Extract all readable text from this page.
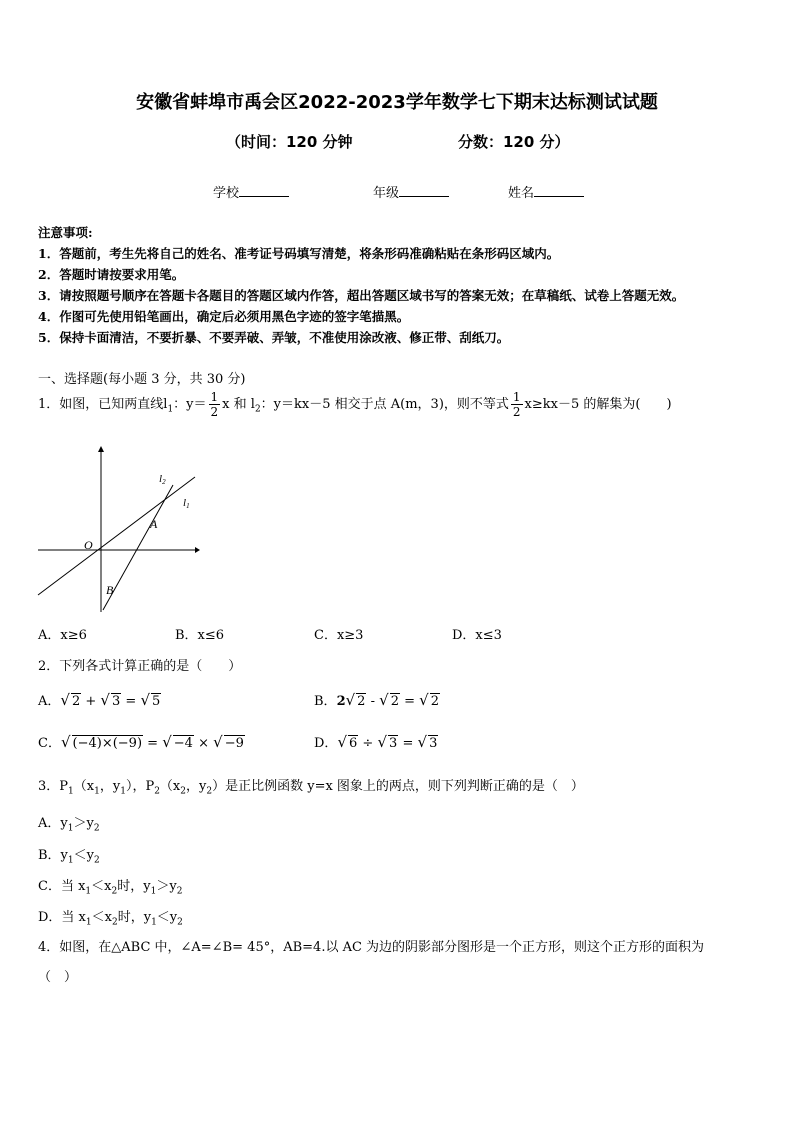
安徽省蚌埠市禹会区2022-2023学年数学七下期末达标测试试题
（时间：120 分钟	分数：120 分）
学校	年级	姓名
注意事项:
1．答题前，考生先将自己的姓名、准考证号码填写清楚，将条形码准确粘贴在条形码区域内。
2．答题时请按要求用笔。
3．请按照题号顺序在答题卡各题目的答题区域内作答，超出答题区域书写的答案无效；在草稿纸、试卷上答题无效。
4．作图可先使用铅笔画出，确定后必须用黑色字迹的签字笔描黑。
5．保持卡面清洁，不要折暴、不要弄破、弄皱，不准使用涂改液、修正带、刮纸刀。
一、选择题(每小题 3 分，共 30 分)
1．如图，已知两直线$l_1$：$y= \frac{1}{2}$ x 和 $l_2$：y＝kx－5 相交于点 A(m，3)，则不等式 $\frac{1}{2} x\ge kx-5$ 的解集为(　　)
l2
l1
A
O
B
A．x≥6	B．x≤6	C．x≥3	D．x≤3
2．下列各式计算正确的是（　　）
A．√ 2 + √ 3 = √ 5	B．2√ 2 - √ 2 = √ 2
C．√ (−4)×(−9) = √ −4 × √ −9	D．√ 6 ÷ √ 3 = √ 3
3．$P_1(x_1$，$y_1$），$P_2(x_2$，$y_2$）是正比例函数 y=x 图象上的两点，则下列判断正确的是（　）
A．$y_1>y_2$
B．$y_1<y_2$
C．当 $x_1<x_2$时，$y_1>y_2$
D．当 $x_1<x_2$时，$y_1<y_2$
4．如图，在△ABC 中，∠A=∠B= 45°，AB=4.以 AC 为边的阴影部分图形是一个正方形，则这个正方形的面积为
（　）
